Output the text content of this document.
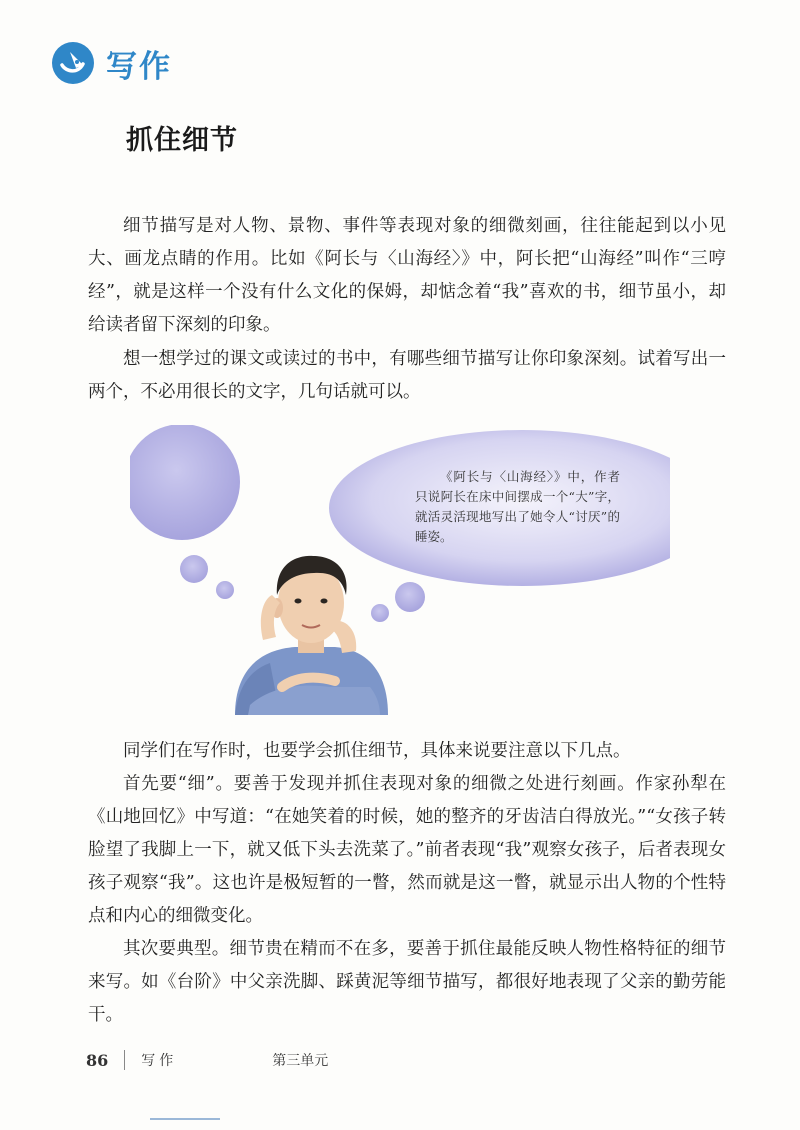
写作
抓住细节

细节描写是对人物、景物、事件等表现对象的细微刻画，往往能起到以小见大、画龙点睛的作用。比如《阿长与〈山海经〉》中，阿长把“山海经”叫作“三哼经”，就是这样一个没有什么文化的保姆，却惦念着“我”喜欢的书，细节虽小，却给读者留下深刻的印象。

想一想学过的课文或读过的书中，有哪些细节描写让你印象深刻。试着写出一两个，不必用很长的文字，几句话就可以。

《阿长与〈山海经〉》中，作者只说阿长在床中间摆成一个“大”字，就活灵活现地写出了她令人“讨厌”的睡姿。

同学们在写作时，也要学会抓住细节，具体来说要注意以下几点。

首先要“细”。要善于发现并抓住表现对象的细微之处进行刻画。作家孙犁在《山地回忆》中写道：“在她笑着的时候，她的整齐的牙齿洁白得放光。”“女孩子转脸望了我脚上一下，就又低下头去洗菜了。”前者表现“我”观察女孩子，后者表现女孩子观察“我”。这也许是极短暂的一瞥，然而就是这一瞥，就显示出人物的个性特点和内心的细微变化。

其次要典型。细节贵在精而不在多，要善于抓住最能反映人物性格特征的细节来写。如《台阶》中父亲洗脚、踩黄泥等细节描写，都很好地表现了父亲的勤劳能干。

86 写作	第三单元
